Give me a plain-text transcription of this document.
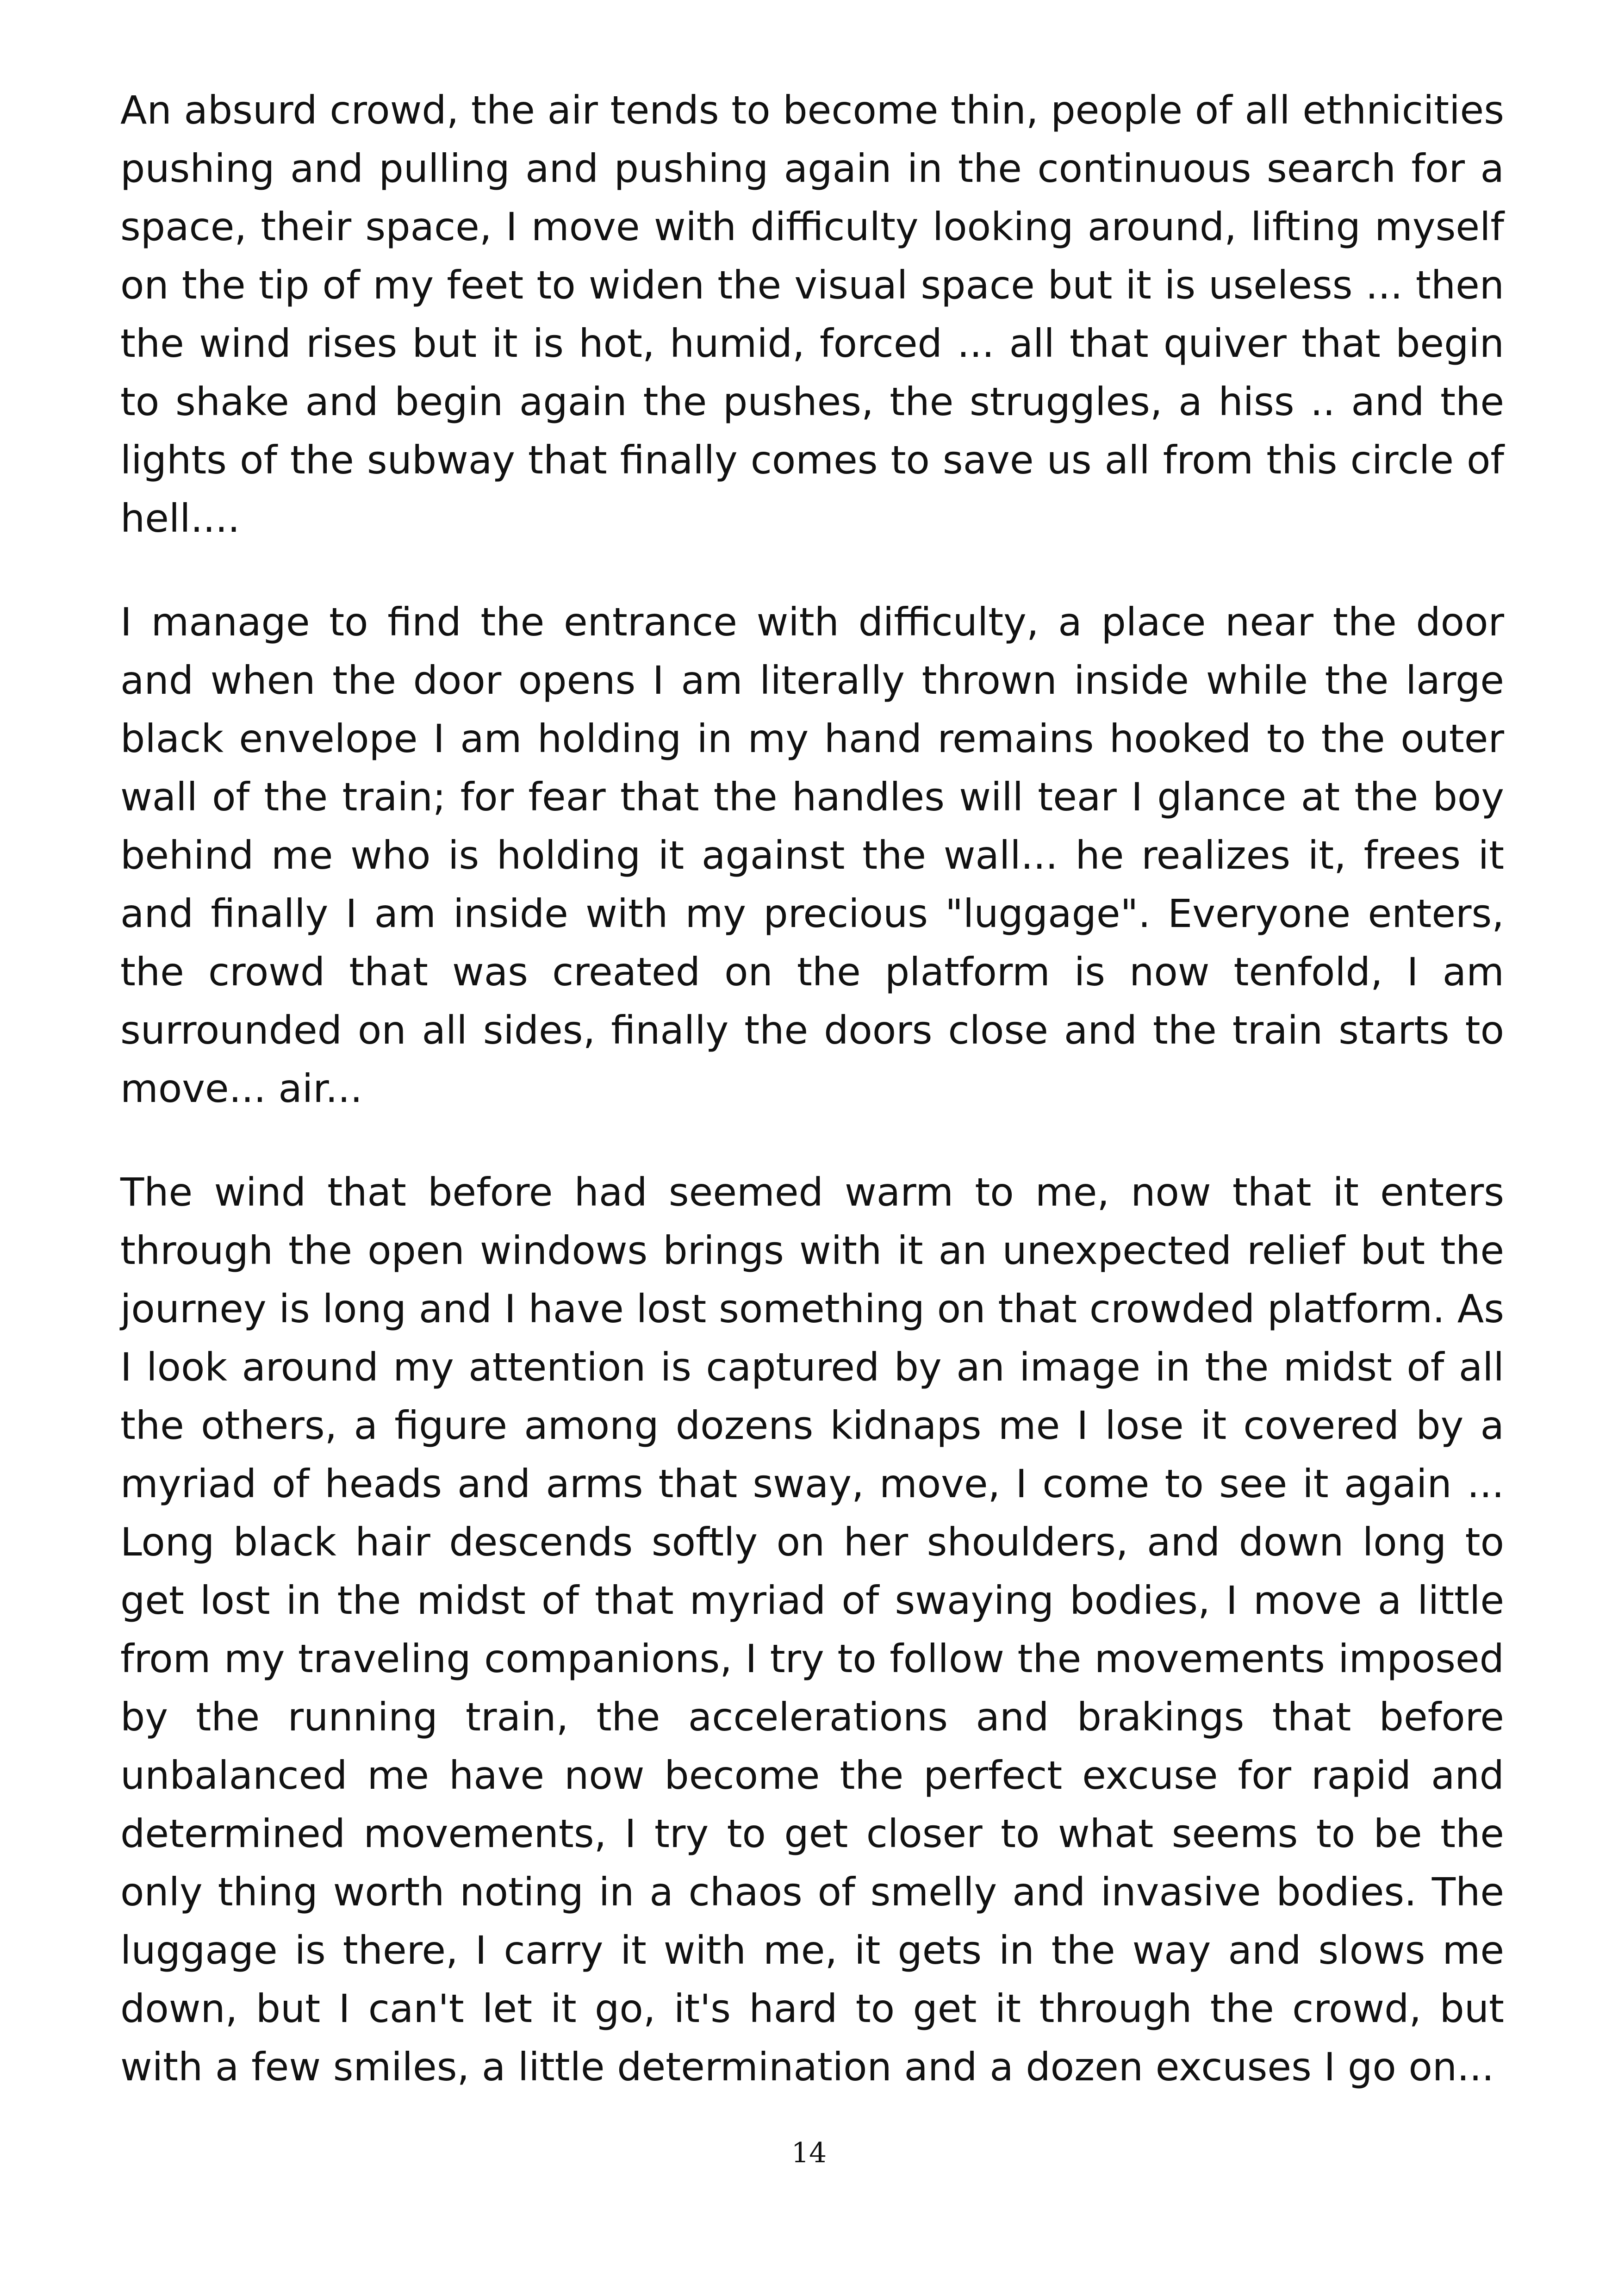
An absurd crowd, the air tends to become thin, people of all ethnicities pushing and pulling and pushing again in the continuous search for a space, their space, I move with difficulty looking around, lifting myself on the tip of my feet to widen the visual space but it is useless ... then the wind rises but it is hot, humid, forced ... all that quiver that begin to shake and begin again the pushes, the struggles, a hiss .. and the lights of the subway that finally comes to save us all from this circle of hell....

I manage to find the entrance with difficulty, a place near the door and when the door opens I am literally thrown inside while the large black envelope I am holding in my hand remains hooked to the outer wall of the train; for fear that the handles will tear I glance at the boy behind me who is holding it against the wall... he realizes it, frees it and finally I am inside with my precious "luggage". Everyone enters, the crowd that was created on the platform is now tenfold, I am surrounded on all sides, finally the doors close and the train starts to move... air...

The wind that before had seemed warm to me, now that it enters through the open windows brings with it an unexpected relief but the journey is long and I have lost something on that crowded platform. As I look around my attention is captured by an image in the midst of all the others, a figure among dozens kidnaps me I lose it covered by a myriad of heads and arms that sway, move, I come to see it again ... Long black hair descends softly on her shoulders, and down long to get lost in the midst of that myriad of swaying bodies, I move a little from my traveling companions, I try to follow the movements imposed by the running train, the accelerations and brakings that before unbalanced me have now become the perfect excuse for rapid and determined movements, I try to get closer to what seems to be the only thing worth noting in a chaos of smelly and invasive bodies. The luggage is there, I carry it with me, it gets in the way and slows me down, but I can't let it go, it's hard to get it through the crowd, but with a few smiles, a little determination and a dozen excuses I go on...

14
